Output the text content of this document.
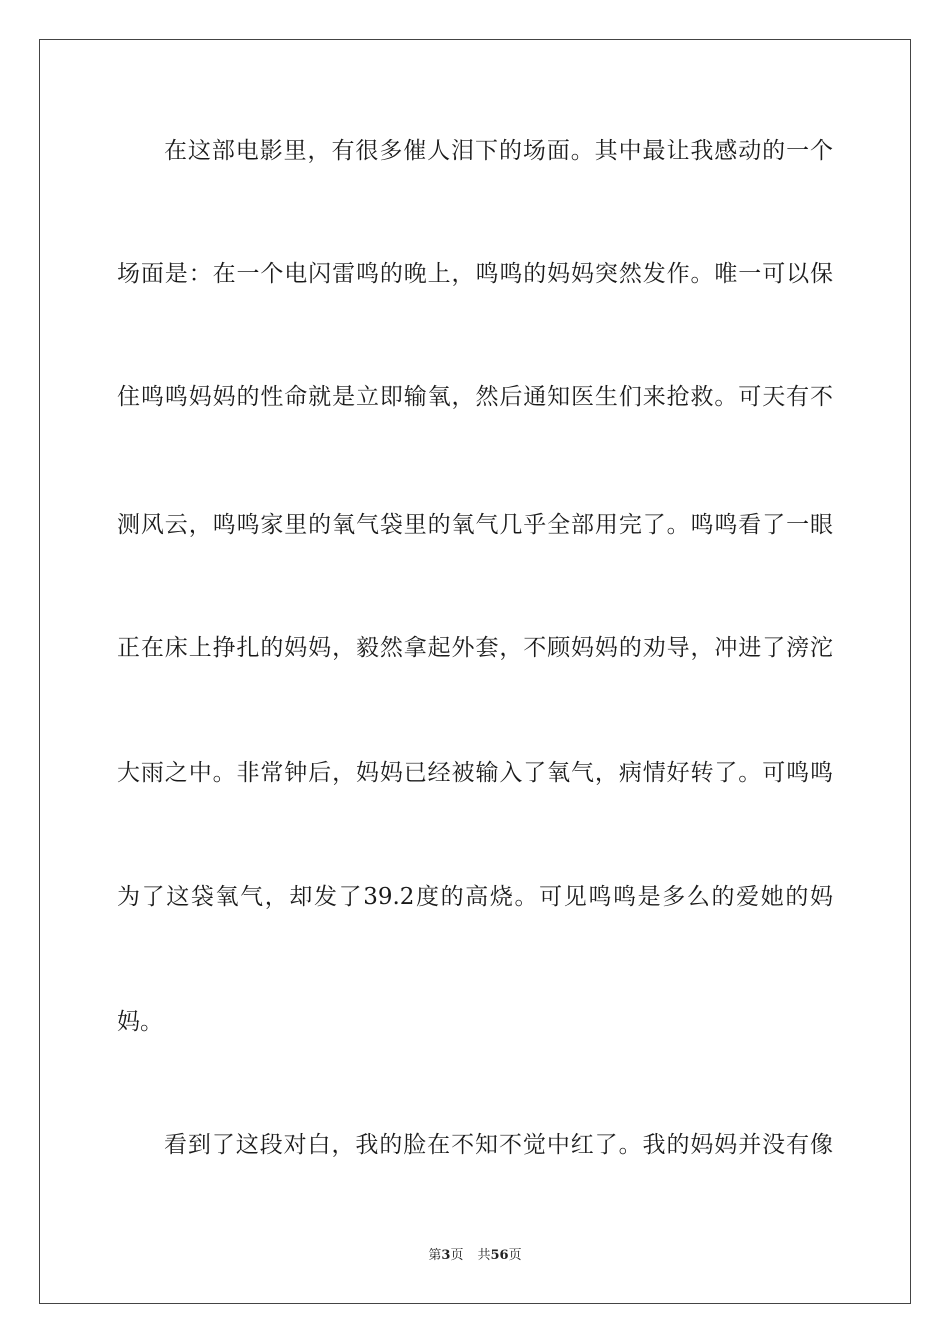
在这部电影里，有很多催人泪下的场面。其中最让我感动的一个
场面是：在一个电闪雷鸣的晚上，鸣鸣的妈妈突然发作。唯一可以保
住鸣鸣妈妈的性命就是立即输氧，然后通知医生们来抢救。可天有不
测风云，鸣鸣家里的氧气袋里的氧气几乎全部用完了。鸣鸣看了一眼
正在床上挣扎的妈妈，毅然拿起外套，不顾妈妈的劝导，冲进了滂沱
大雨之中。非常钟后，妈妈已经被输入了氧气，病情好转了。可鸣鸣
为了这袋氧气，却发了39.2度的高烧。可见鸣鸣是多么的爱她的妈
妈。
看到了这段对白，我的脸在不知不觉中红了。我的妈妈并没有像
第3页 共56页
